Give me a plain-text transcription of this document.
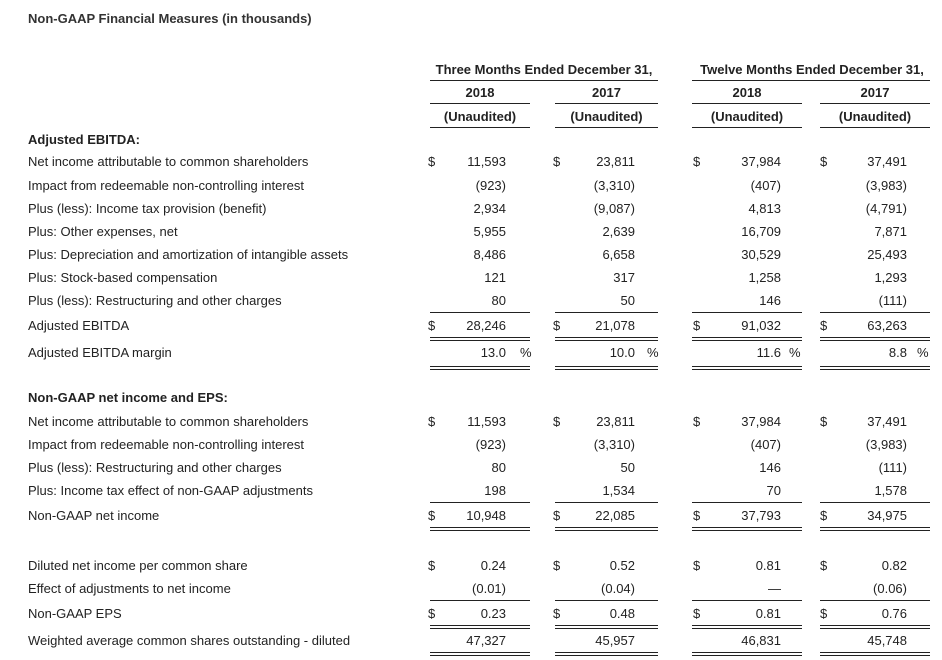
Non-GAAP Financial Measures (in thousands)
Three Months Ended December 31,	Twelve Months Ended December 31,
2018	2017	2018	2017
(Unaudited)	(Unaudited)	(Unaudited)	(Unaudited)
Adjusted EBITDA:
Non-GAAP net income and EPS:
Net income attributable to common shareholders	$ 11,593	$	23,811	$	37,984	$	37,491
Impact from redeemable non-controlling interest	(923)	(3,310)	(407)	(3,983)
Plus (less): Income tax provision (benefit)	2,934	(9,087)	4,813	(4,791)
Plus: Other expenses, net	5,955	2,639	16,709	7,871
Plus: Depreciation and amortization of intangible assets	8,486	6,658	30,529	25,493
Plus: Stock-based compensation	121	317	1,258	1,293
Plus (less): Restructuring and other charges	80	50	146	(111)
Adjusted EBITDA	$ 28,246	$	21,078	$	91,032	$	63,263
Adjusted EBITDA margin	13.0 %	10.0 %	11.6 %	8.8 %
Net income attributable to common shareholders	$ 11,593	$	23,811	$	37,984	$	37,491
Impact from redeemable non-controlling interest	(923)	(3,310)	(407)	(3,983)
Plus (less): Restructuring and other charges	80	50	146	(111)
Plus: Income tax effect of non-GAAP adjustments	198	1,534	70	1,578
Non-GAAP net income	$ 10,948	$	22,085	$	37,793	$	34,975
Diluted net income per common share	$	0.24	$	0.52	$	0.81	$	0.82
Effect of adjustments to net income	(0.01)	(0.04)	—	(0.06)
Non-GAAP EPS	$	0.23	$	0.48	$	0.81	$	0.76
Weighted average common shares outstanding - diluted	47,327	45,957	46,831	45,748
